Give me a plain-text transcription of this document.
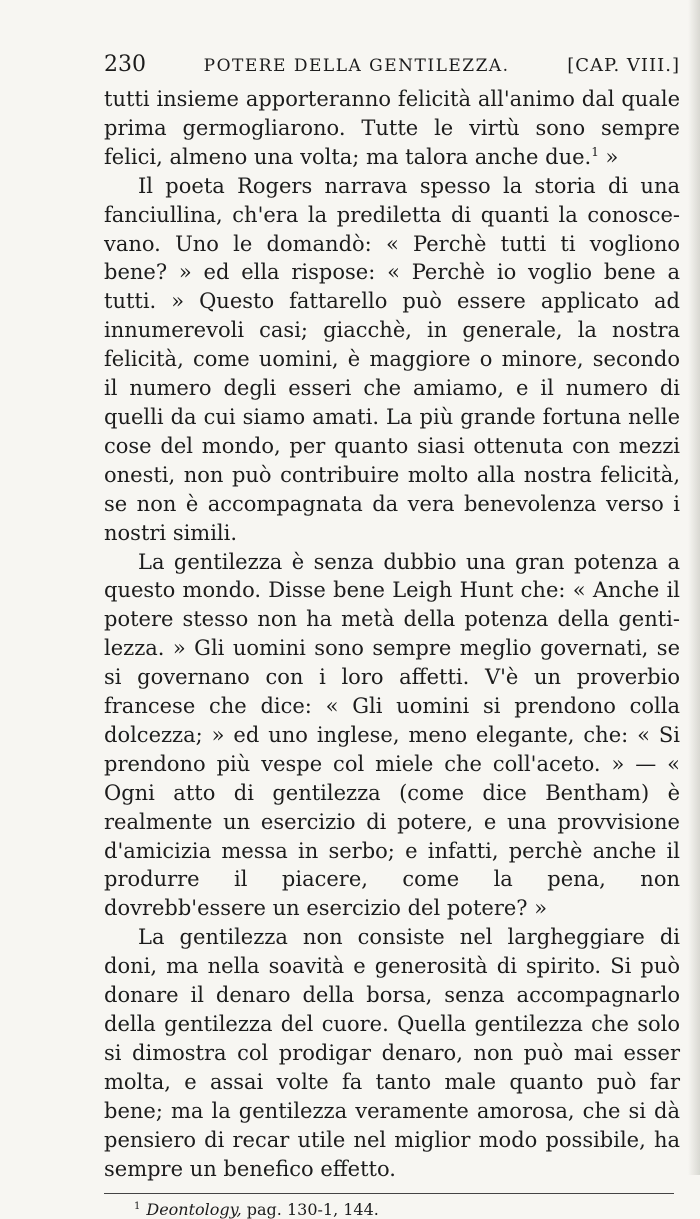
230	POTERE DELLA GENTILEZZA.	[CAP. VIII.]

tutti insieme apporteranno felicità all'animo dal quale prima germogliarono. Tutte le virtù sono sempre felici, almeno una volta; ma talora anche due.$^1$ »

Il poeta Rogers narrava spesso la storia di una fanciullina, ch'era la prediletta di quanti la conoscevano. Uno le domandò: « Perchè tutti ti vogliono bene? » ed ella rispose: « Perchè io voglio bene a tutti. » Questo fattarello può essere applicato ad innumerevoli casi; giacchè, in generale, la nostra felicità, come uomini, è maggiore o minore, secondo il numero degli esseri che amiamo, e il numero di quelli da cui siamo amati. La più grande fortuna nelle cose del mondo, per quanto siasi ottenuta con mezzi onesti, non può contribuire molto alla nostra felicità, se non è accompagnata da vera benevolenza verso i nostri simili.

La gentilezza è senza dubbio una gran potenza a questo mondo. Disse bene Leigh Hunt che: « Anche il potere stesso non ha metà della potenza della gentilezza. » Gli uomini sono sempre meglio governati, se si governano con i loro affetti. V'è un proverbio francese che dice: « Gli uomini si prendono colla dolcezza; » ed uno inglese, meno elegante, che: « Si prendono più vespe col miele che coll'aceto. » — « Ogni atto di gentilezza (come dice Bentham) è realmente un esercizio di potere, e una provvisione d'amicizia messa in serbo; e infatti, perchè anche il produrre il piacere, come la pena, non dovrebb'essere un esercizio del potere? »

La gentilezza non consiste nel largheggiare di doni, ma nella soavità e generosità di spirito. Si può donare il denaro della borsa, senza accompagnarlo della gentilezza del cuore. Quella gentilezza che solo si dimostra col prodigar denaro, non può mai esser molta, e assai volte fa tanto male quanto può far bene; ma la gentilezza veramente amorosa, che si dà pensiero di recar utile nel miglior modo possibile, ha sempre un benefico effetto.

$^1$ Deontology, pag. 130-1, 144.
